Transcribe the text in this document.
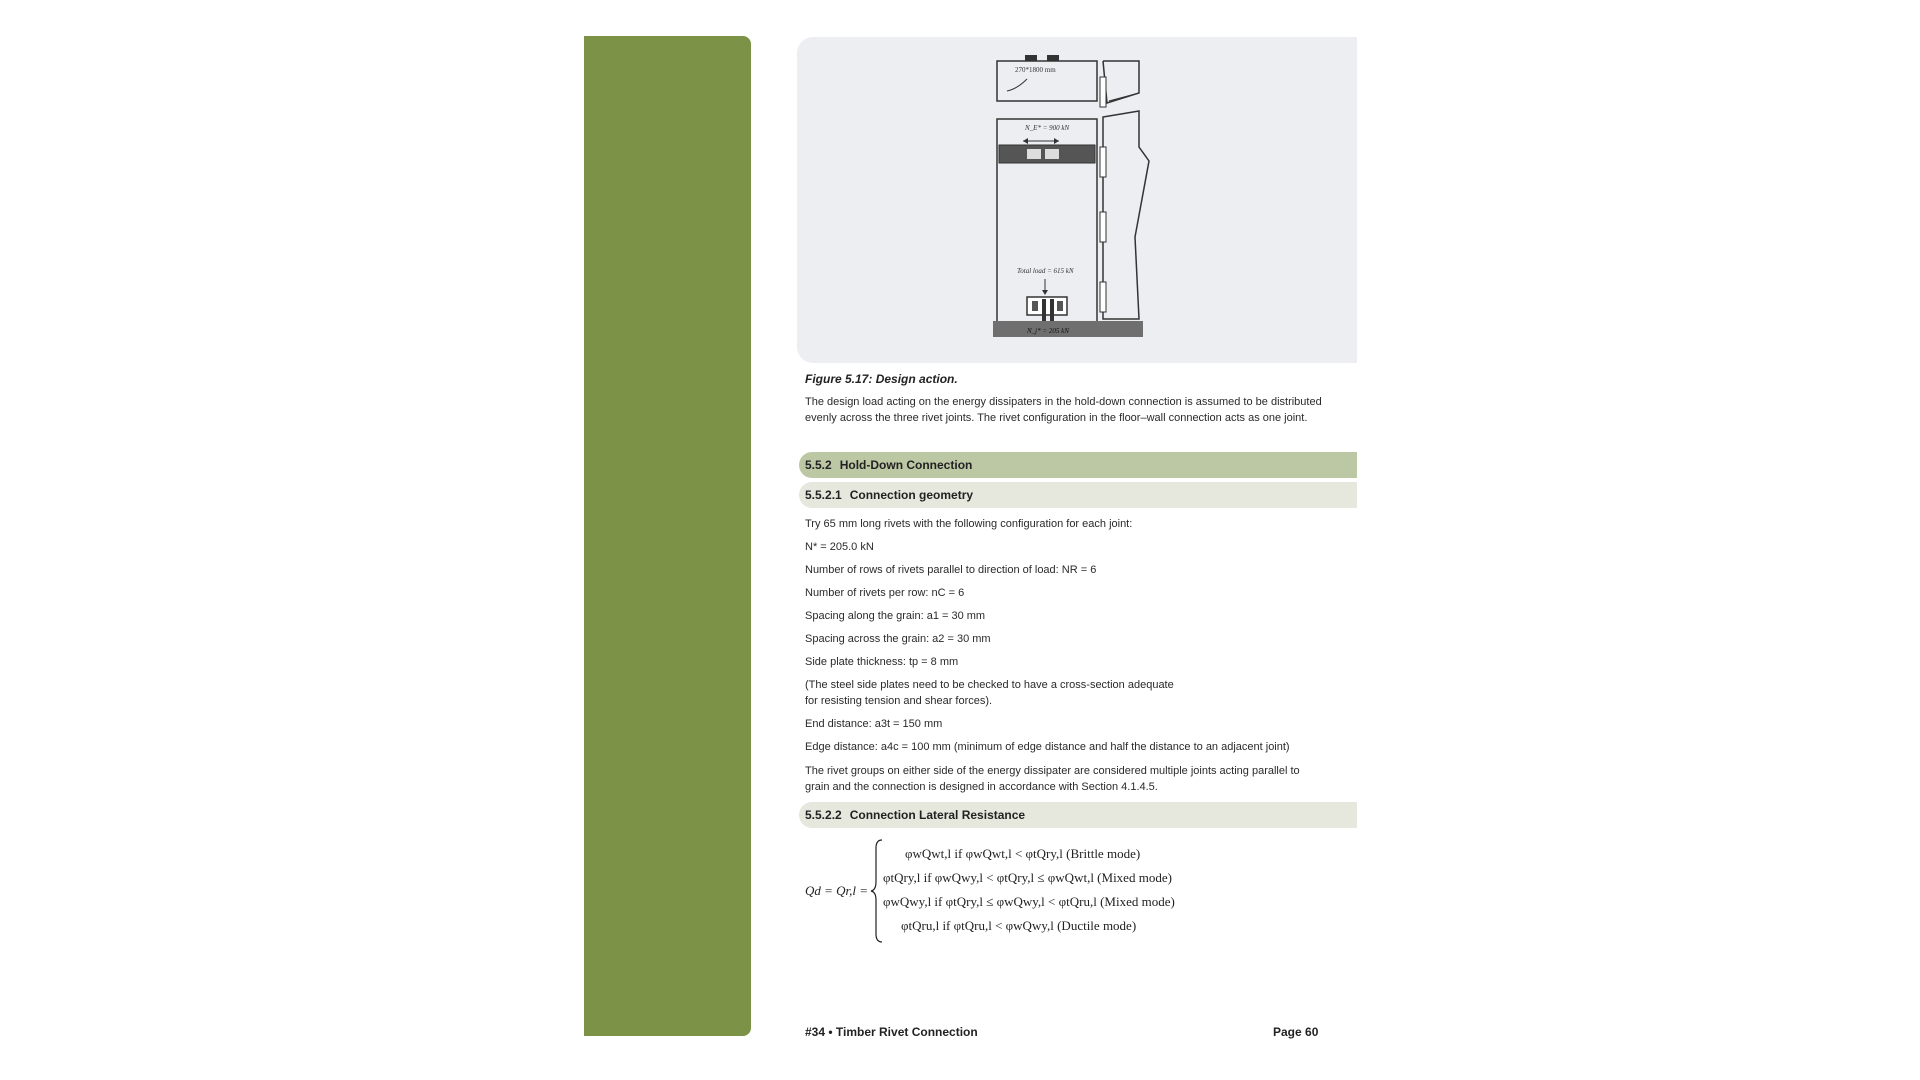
270*1800 mm
N_E* = 900 kN
Total load = 615 kN
N_j* = 205 kN
Figure 5.17: Design action.
The design load acting on the energy dissipaters in the hold-down connection is assumed to be distributed evenly across the three rivet joints. The rivet configuration in the floor–wall connection acts as one joint.
5.5.2 Hold-Down Connection
5.5.2.1 Connection geometry
Try 65 mm long rivets with the following configuration for each joint:
N* = 205.0 kN
Number of rows of rivets parallel to direction of load: NR = 6
Number of rivets per row: nC = 6
Spacing along the grain: a1 = 30 mm
Spacing across the grain: a2 = 30 mm
Side plate thickness: tp = 8 mm
(The steel side plates need to be checked to have a cross-section adequate
for resisting tension and shear forces).
End distance: a3t = 150 mm
Edge distance: a4c = 100 mm (minimum of edge distance and half the distance to an adjacent joint)
The rivet groups on either side of the energy dissipater are considered multiple joints acting parallel to grain and the connection is designed in accordance with Section 4.1.4.5.
5.5.2.2 Connection Lateral Resistance
Qd = Qr,l =
φwQwt,l if φwQwt,l < φtQry,l (Brittle mode)
φtQry,l if φwQwy,l < φtQry,l ≤ φwQwt,l (Mixed mode)
φwQwy,l if φtQry,l ≤ φwQwy,l < φtQru,l (Mixed mode)
φtQru,l if φtQru,l < φwQwy,l (Ductile mode)
#34 • Timber Rivet Connection	Page 60
